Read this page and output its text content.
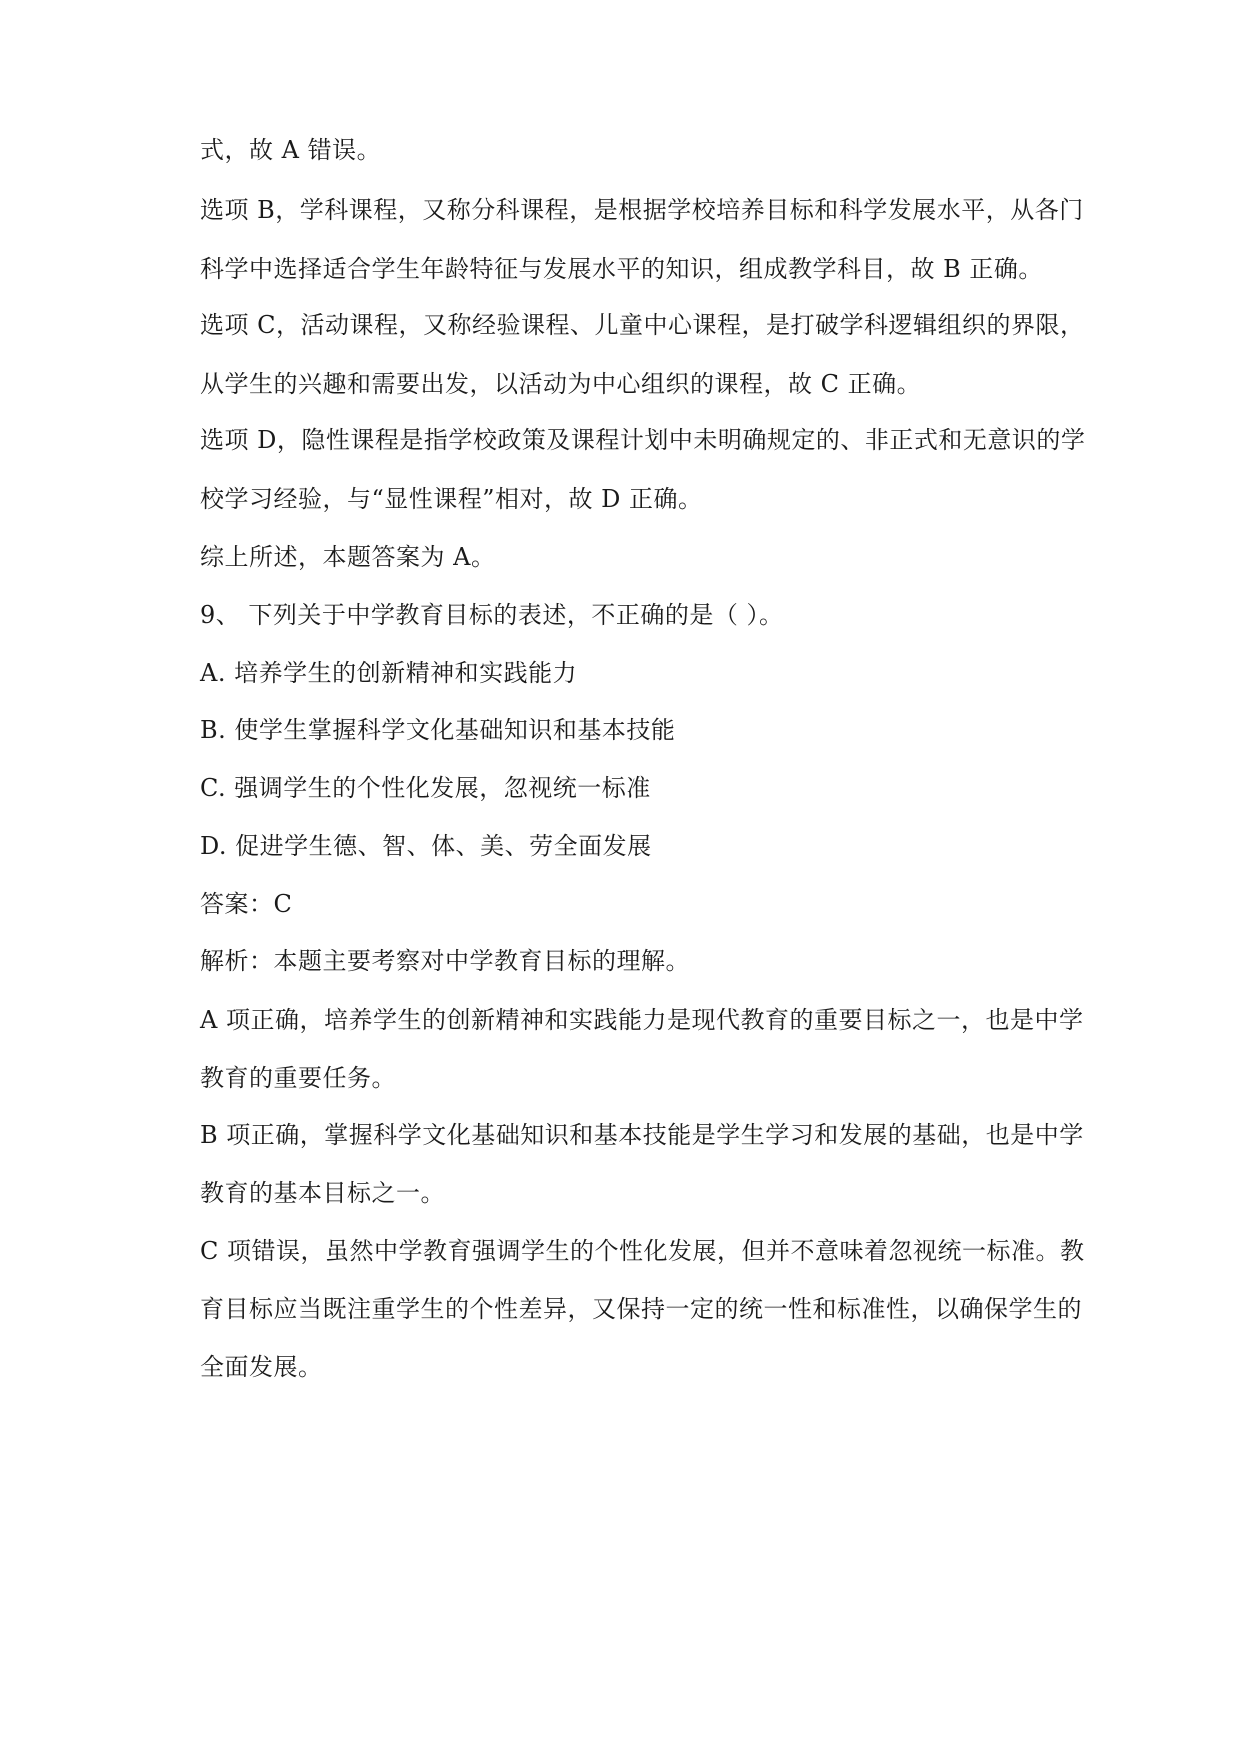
式，故 A 错误。
选项 B，学科课程，又称分科课程，是根据学校培养目标和科学发展水平，从各门
科学中选择适合学生年龄特征与发展水平的知识，组成教学科目，故 B 正确。
选项 C，活动课程，又称经验课程、儿童中心课程，是打破学科逻辑组织的界限，
从学生的兴趣和需要出发，以活动为中心组织的课程，故 C 正确。
选项 D，隐性课程是指学校政策及课程计划中未明确规定的、非正式和无意识的学
校学习经验，与“显性课程”相对，故 D 正确。
综上所述，本题答案为 A。
9、 下列关于中学教育目标的表述，不正确的是（ ）。
A. 培养学生的创新精神和实践能力
B. 使学生掌握科学文化基础知识和基本技能
C. 强调学生的个性化发展，忽视统一标准
D. 促进学生德、智、体、美、劳全面发展
答案：C
解析：本题主要考察对中学教育目标的理解。
A 项正确，培养学生的创新精神和实践能力是现代教育的重要目标之一，也是中学
教育的重要任务。
B 项正确，掌握科学文化基础知识和基本技能是学生学习和发展的基础，也是中学
教育的基本目标之一。
C 项错误，虽然中学教育强调学生的个性化发展，但并不意味着忽视统一标准。教
育目标应当既注重学生的个性差异，又保持一定的统一性和标准性，以确保学生的
全面发展。
